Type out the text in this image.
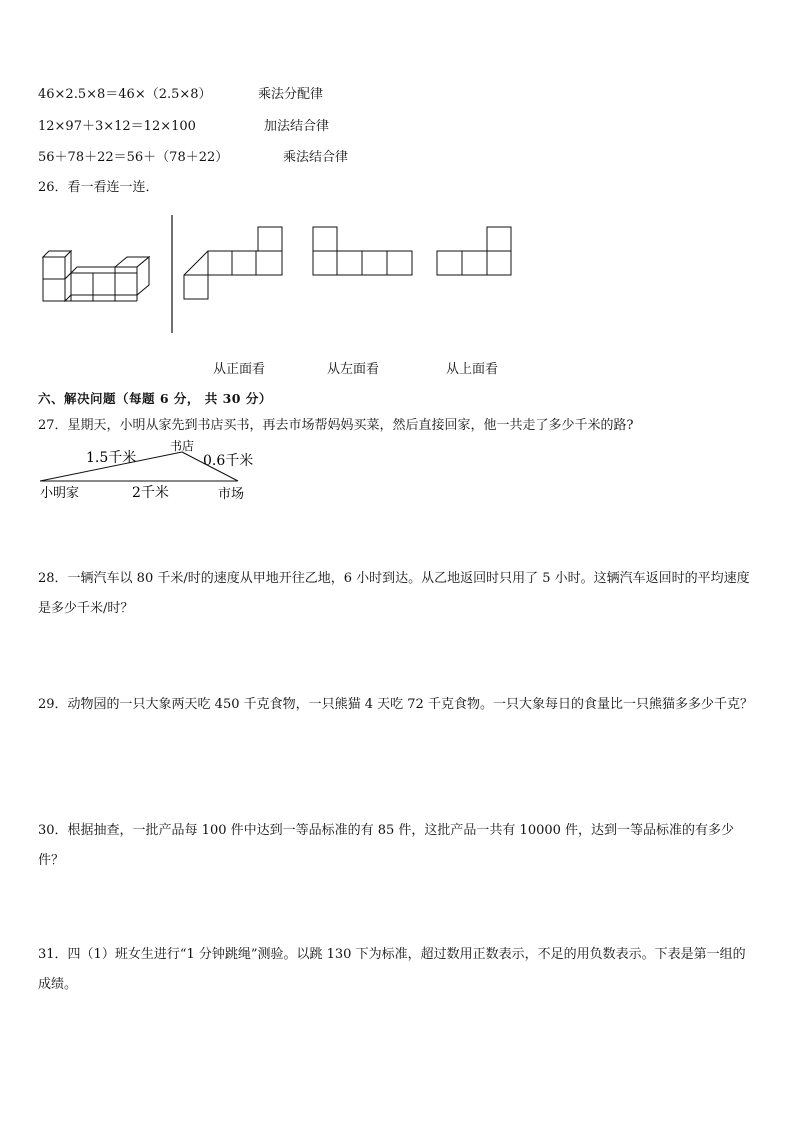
46×2.5×8＝46×（2.5×8）	乘法分配律
12×97＋3×12＝12×100	加法结合律
56＋78＋22＝56＋（78＋22）	乘法结合律
26．看一看连一连．
从正面看	从左面看	从上面看
六、解决问题（每题 6 分， 共 30 分）
27．星期天，小明从家先到书店买书，再去市场帮妈妈买菜，然后直接回家，他一共走了多少千米的路?
1.5千米
书店
0.6千米
小明家	2千米	市场
28．一辆汽车以 80 千米/时的速度从甲地开往乙地，6 小时到达。从乙地返回时只用了 5 小时。这辆汽车返回时的平均速度是多少千米/时？
29．动物园的一只大象两天吃 450 千克食物，一只熊猫 4 天吃 72 千克食物。一只大象每日的食量比一只熊猫多多少千克？
30．根据抽查，一批产品每 100 件中达到一等品标准的有 85 件，这批产品一共有 10000 件，达到一等品标准的有多少件？
31．四（1）班女生进行“1 分钟跳绳”测验。以跳 130 下为标准，超过数用正数表示，不足的用负数表示。下表是第一组的成绩。
